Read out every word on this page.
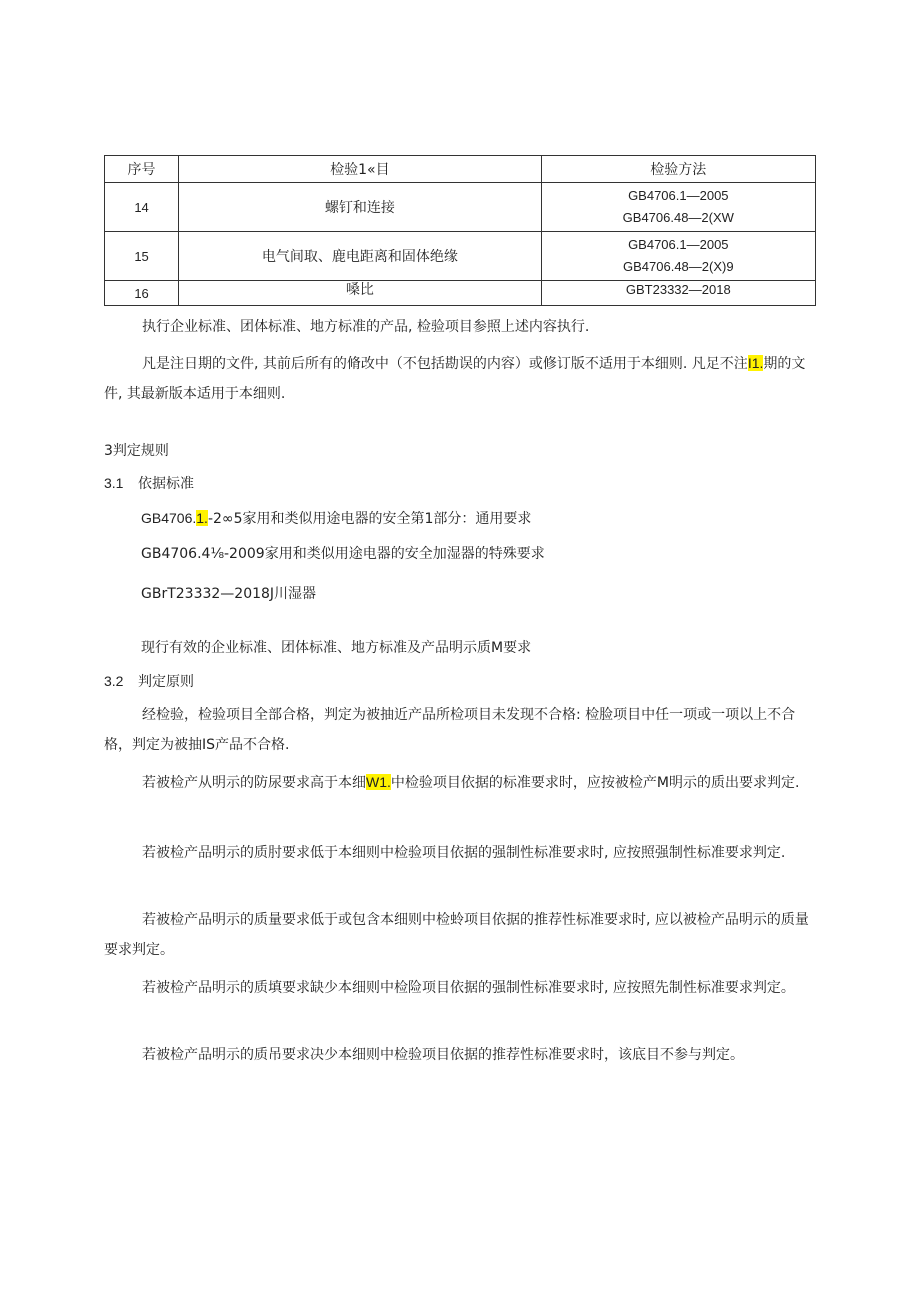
序号	检验1«目	检验方法
14	螺钉和连接	GB4706.1—2005
GB4706.48—2(XW

15	电气间取、鹿电距离和固体绝缘	GB4706.1—2005
GB4706.48—2(X)9

16	嗓比	GBT23332—2018

执行企业标准、团体标准、地方标准的产品, 检验项目参照上述内容执行.

凡是注日期的文件, 其前后所有的脩改中（不包括勘误的内容）或修订版不适用于本细则. 凡足不注I1.期的文件, 其最新版本适用于本细则.

3判定规则

3.1 依据标准

GB4706.1.-2∞5家用和类似用途电器的安全第1部分：通用要求

GB4706.4⅛-2009家用和类似用途电器的安全加湿器的特殊要求

GBrT23332—2018J川湿器

现行有效的企业标准、团体标准、地方标准及产品明示质M要求

3.2 判定原则

经检验，检验项目全部合格，判定为被抽近产品所检项目未发现不合格: 检脸项目中任一项或一项以上不合格，判定为被抽IS产品不合格.

若被检产从明示的防尿要求高于本细W1.中检验项目依据的标准要求时，应按被检产M明示的质出要求判定.

若被检产品明示的质肘要求低于本细则中检验项目依据的强制性标准要求时, 应按照强制性标准要求判定.

若被检产品明示的质量要求低于或包含本细则中检蛉项目依据的推荐性标准要求时, 应以被检产品明示的质量要求判定。

若被检产品明示的质填要求缺少本细则中检险项目依据的强制性标准要求时, 应按照先制性标准要求判定。

若被检产品明示的质吊要求决少本细则中检验项目依据的推荐性标准要求时，该底目不参与判定。
